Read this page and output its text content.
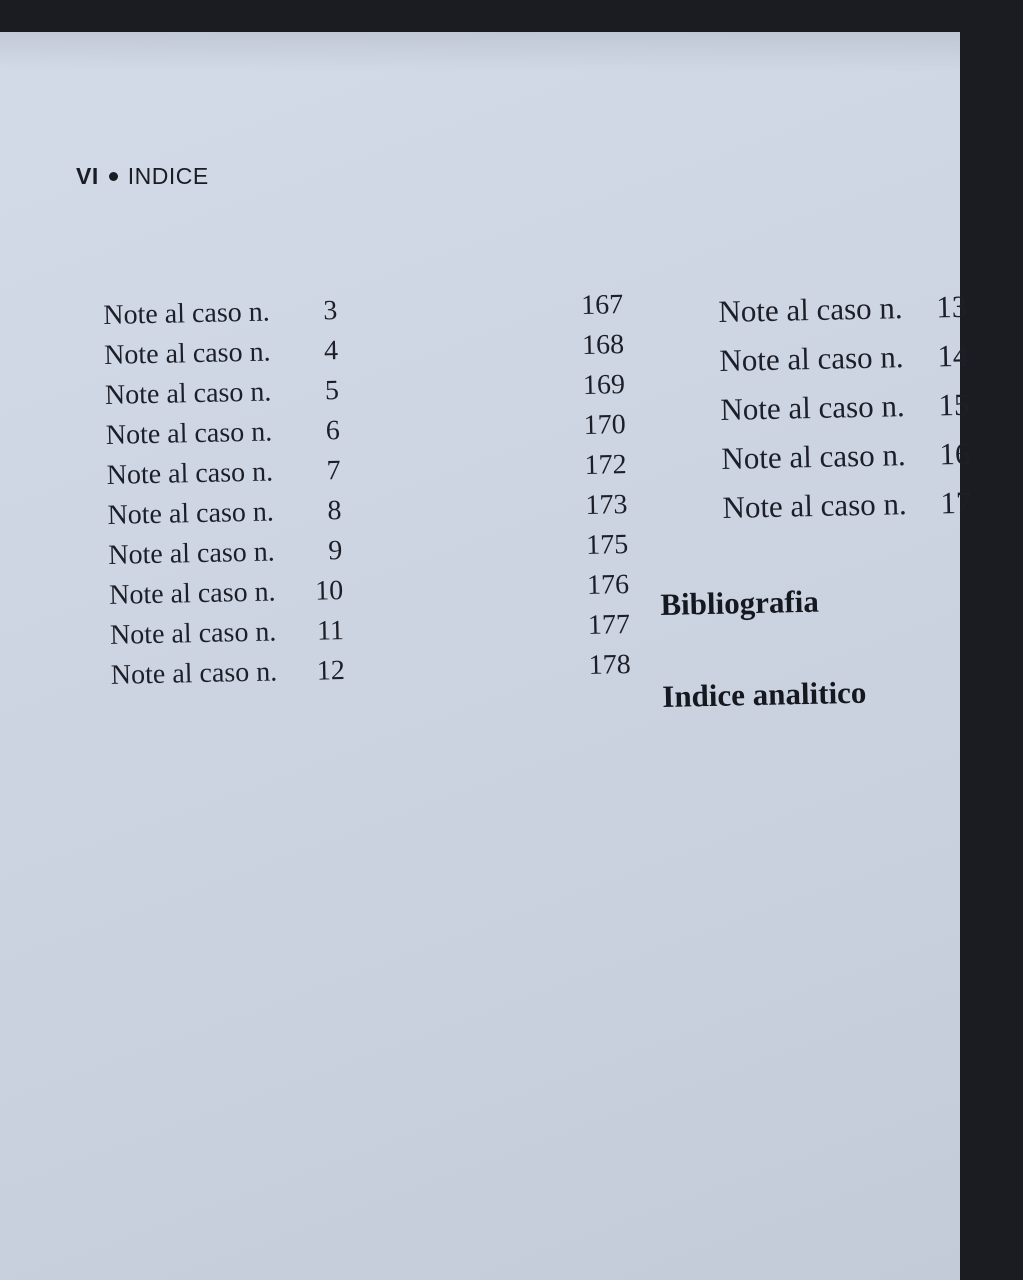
VI INDICE
Note al caso n.	3	167
Note al caso n.	4	168
Note al caso n.	5	169
Note al caso n.	6	170
Note al caso n.	7	172
Note al caso n.	8	173
Note al caso n.	9	175
Note al caso n. 10	176
Note al caso n. 11	177
Note al caso n. 12	178
Note al caso n. 13
Note al caso n. 14
Note al caso n. 15
Note al caso n. 16
Note al caso n. 17
Bibliografia
Indice analitico
